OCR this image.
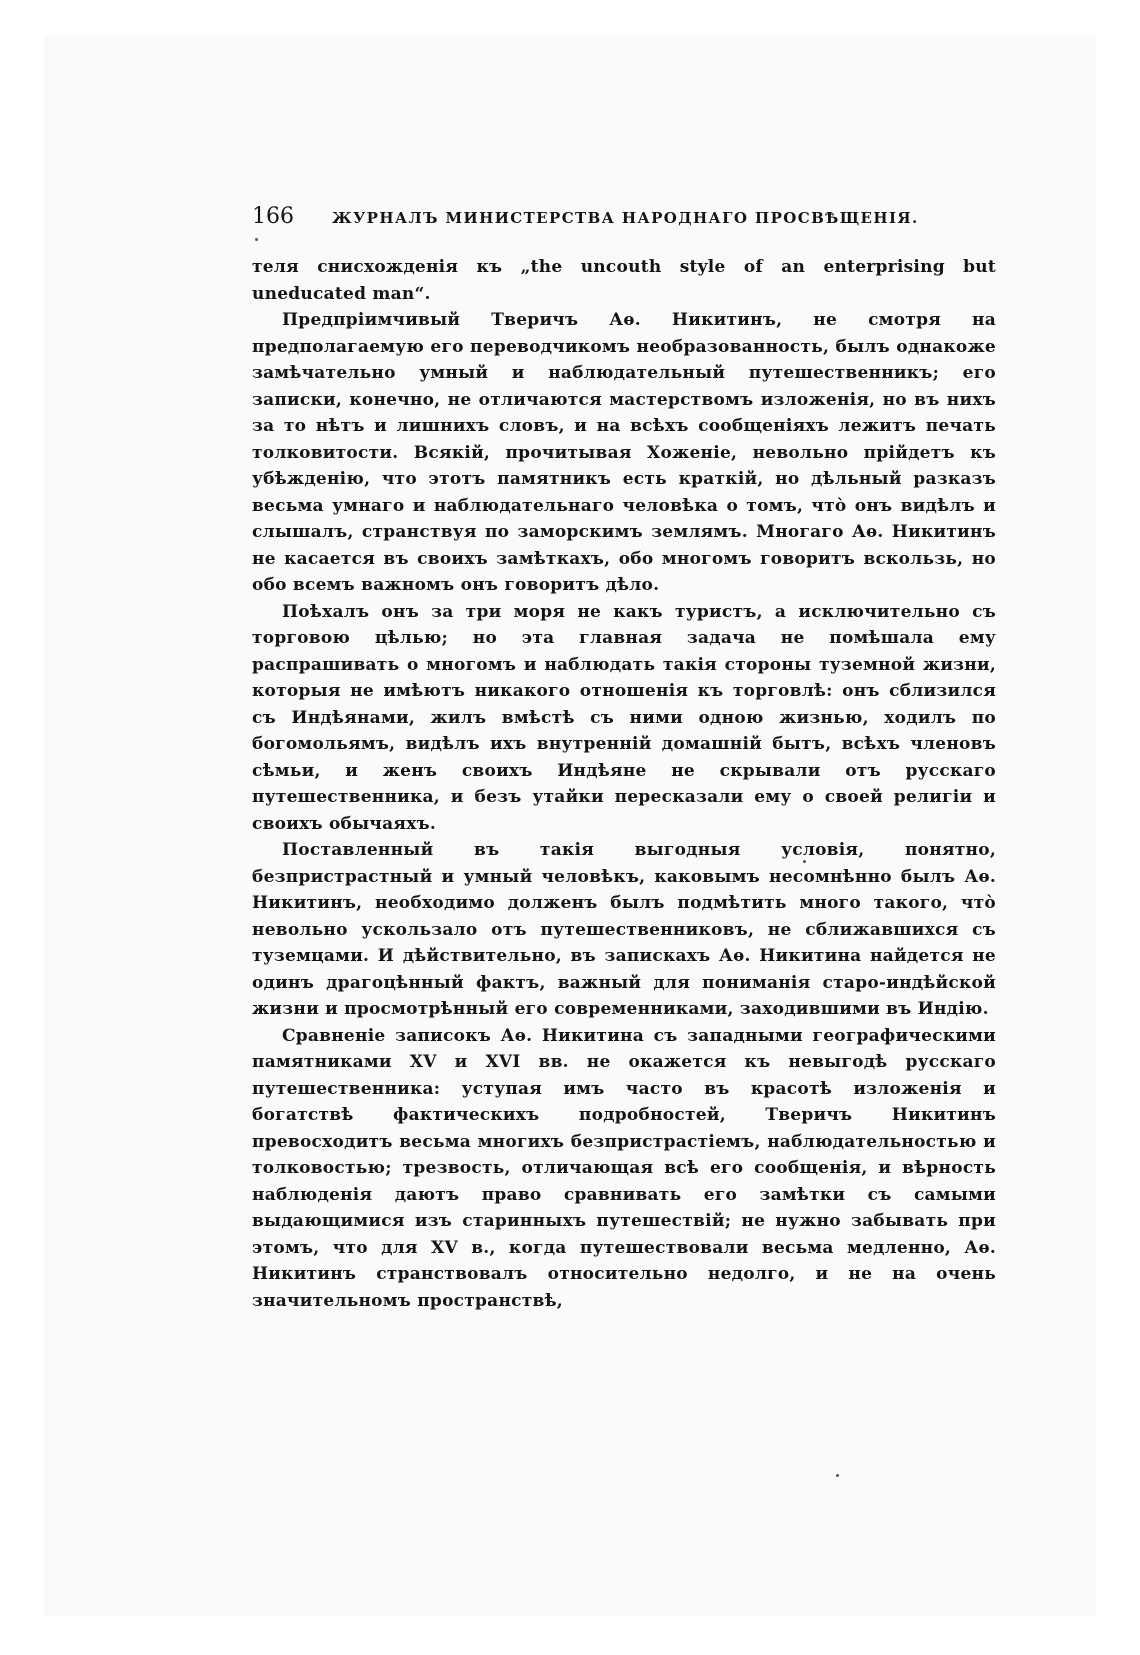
166	ЖУРНАЛЪ МИНИСТЕРСТВА НАРОДНАГО ПРОСВѢЩЕНІЯ.

теля снисхожденія къ „the uncouth style of an enterprising but uneducated man“.

Предпріимчивый Тверичъ Аѳ. Никитинъ, не смотря на предполагаемую его переводчикомъ необразованность, былъ однакоже замѣчательно умный и наблюдательный путешественникъ; его записки, конечно, не отличаются мастерствомъ изложенія, но въ нихъ за то нѣтъ и лишнихъ словъ, и на всѣхъ сообщеніяхъ лежитъ печать толковитости. Всякій, прочитывая Хоженіе, невольно прійдетъ къ убѣжденію, что этотъ памятникъ есть краткій, но дѣльный разказъ весьма умнаго и наблюдательнаго человѣка о томъ, что̀ онъ видѣлъ и слышалъ, странствуя по заморскимъ землямъ. Многаго Аѳ. Никитинъ не касается въ своихъ замѣткахъ, обо многомъ говоритъ вскользь, но обо всемъ важномъ онъ говоритъ дѣло.

Поѣхалъ онъ за три моря не какъ туристъ, а исключительно съ торговою цѣлью; но эта главная задача не помѣшала ему распрашивать о многомъ и наблюдать такія стороны туземной жизни, которыя не имѣютъ никакого отношенія къ торговлѣ: онъ сблизился съ Индѣянами, жилъ вмѣстѣ съ ними одною жизнью, ходилъ по богомольямъ, видѣлъ ихъ внутренній домашній бытъ, всѣхъ членовъ сѣмьи, и женъ своихъ Индѣяне не скрывали отъ русскаго путешественника, и безъ утайки пересказали ему о своей религіи и своихъ обычаяхъ.

Поставленный въ такія выгодныя условія, понятно, безпристрастный и умный человѣкъ, каковымъ несомнѣнно былъ Аѳ. Никитинъ, необходимо долженъ былъ подмѣтить много такого, что̀ невольно ускользало отъ путешественниковъ, не сближавшихся съ туземцами. И дѣйствительно, въ запискахъ Аѳ. Никитина найдется не одинъ драгоцѣнный фактъ, важный для пониманія старо-индѣйской жизни и просмотрѣнный его современниками, заходившими въ Индію.

Сравненіе записокъ Аѳ. Никитина съ западными географическими памятниками XV и XVI вв. не окажется къ невыгодѣ русскаго путешественника: уступая имъ часто въ красотѣ изложенія и богатствѣ фактическихъ подробностей, Тверичъ Никитинъ превосходитъ весьма многихъ безпристрастіемъ, наблюдательностью и толковостью; трезвость, отличающая всѣ его сообщенія, и вѣрность наблюденія даютъ право сравнивать его замѣтки съ самыми выдающимися изъ старинныхъ путешествій; не нужно забывать при этомъ, что для XV в., когда путешествовали весьма медленно, Аѳ. Никитинъ странствовалъ относительно недолго, и не на очень значительномъ пространствѣ,
